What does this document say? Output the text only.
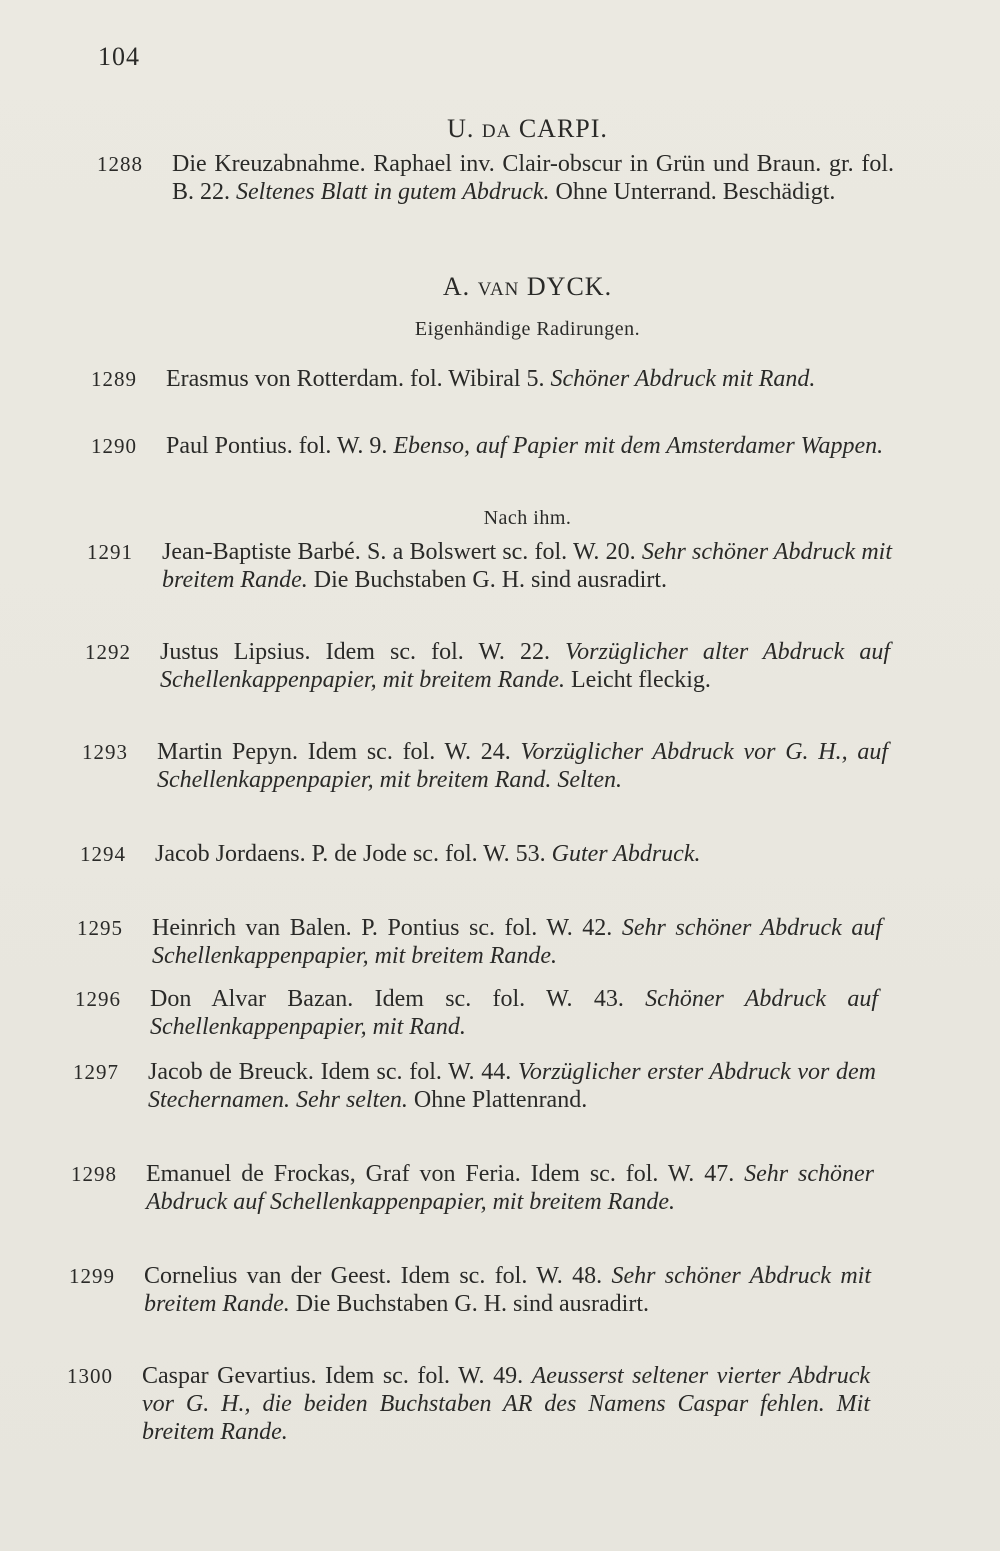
104
U. DA CARPI.
1288	Die Kreuzabnahme. Raphael inv. Clair-obscur in Grün und Braun. gr. fol. B. 22. Seltenes Blatt in gutem Abdruck. Ohne Unterrand. Beschädigt.
A. VAN DYCK.
Eigenhändige Radirungen.
1289	Erasmus von Rotterdam. fol. Wibiral 5. Schöner Abdruck mit Rand.
1290	Paul Pontius. fol. W. 9. Ebenso, auf Papier mit dem Amsterdamer Wappen.
Nach ihm.
1291	Jean-Baptiste Barbé. S. a Bolswert sc. fol. W. 20. Sehr schöner Abdruck mit breitem Rande. Die Buchstaben G. H. sind ausradirt.
1292	Justus Lipsius. Idem sc. fol. W. 22. Vorzüglicher alter Abdruck auf Schellenkappenpapier, mit breitem Rande. Leicht fleckig.
1293	Martin Pepyn. Idem sc. fol. W. 24. Vorzüglicher Abdruck vor G. H., auf Schellenkappenpapier, mit breitem Rand. Selten.
1294	Jacob Jordaens. P. de Jode sc. fol. W. 53. Guter Abdruck.
1295	Heinrich van Balen. P. Pontius sc. fol. W. 42. Sehr schöner Abdruck auf Schellenkappenpapier, mit breitem Rande.
1296	Don Alvar Bazan. Idem sc. fol. W. 43. Schöner Abdruck auf Schellenkappenpapier, mit Rand.
1297	Jacob de Breuck. Idem sc. fol. W. 44. Vorzüglicher erster Abdruck vor dem Stechernamen. Sehr selten. Ohne Plattenrand.
1298	Emanuel de Frockas, Graf von Feria. Idem sc. fol. W. 47. Sehr schöner Abdruck auf Schellenkappenpapier, mit breitem Rande.
1299	Cornelius van der Geest. Idem sc. fol. W. 48. Sehr schöner Abdruck mit breitem Rande. Die Buchstaben G. H. sind ausradirt.
1300	Caspar Gevartius. Idem sc. fol. W. 49. Aeusserst seltener vierter Abdruck vor G. H., die beiden Buchstaben AR des Namens Caspar fehlen. Mit breitem Rande.
